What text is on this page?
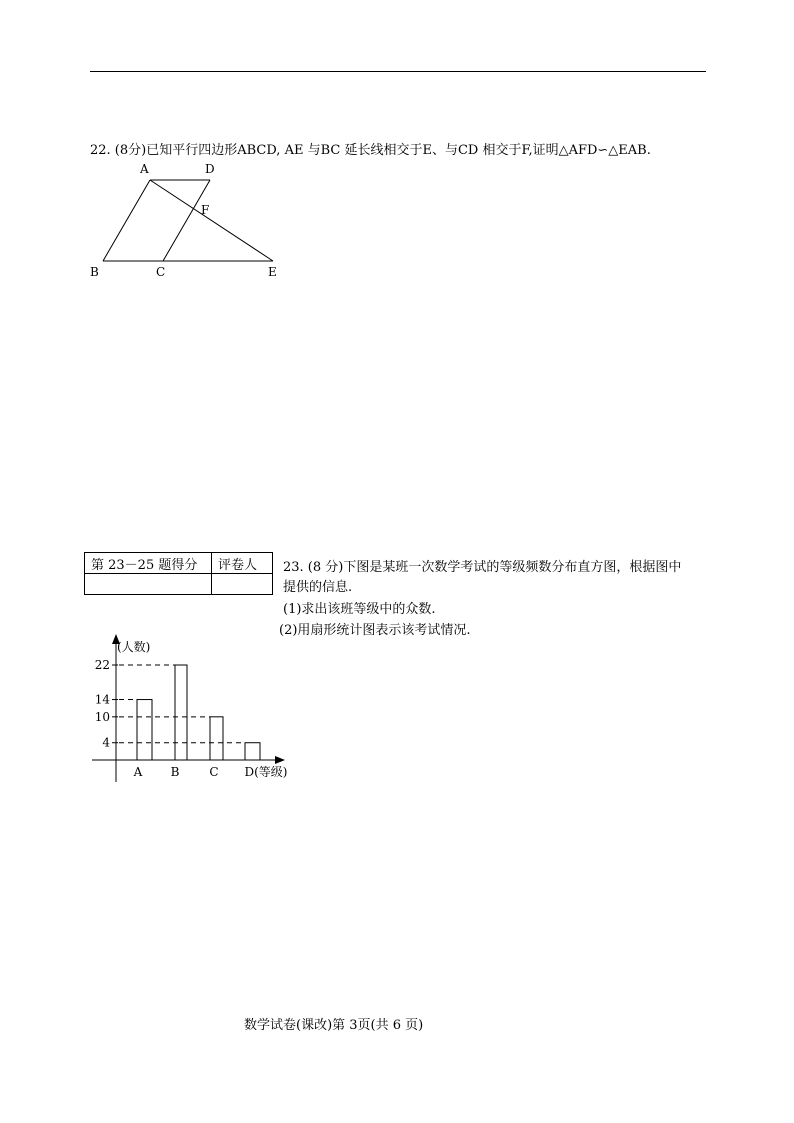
22. (8分)已知平行四边形ABCD, AE 与BC 延长线相交于E、与CD 相交于F,证明△AFD∽△EAB.
A	D
F
B	C	E
第 23－25 题得分	评卷人
	23. (8 分)下图是某班一次数学考试的等级频数分布直方图，根据图中
提供的信息.
(1)求出该班等级中的众数.
(2)用扇形统计图表示该考试情况.
(人数)
A B C D(等级)
4
10
14
22
数学试卷(课改)第 3页(共 6 页)
